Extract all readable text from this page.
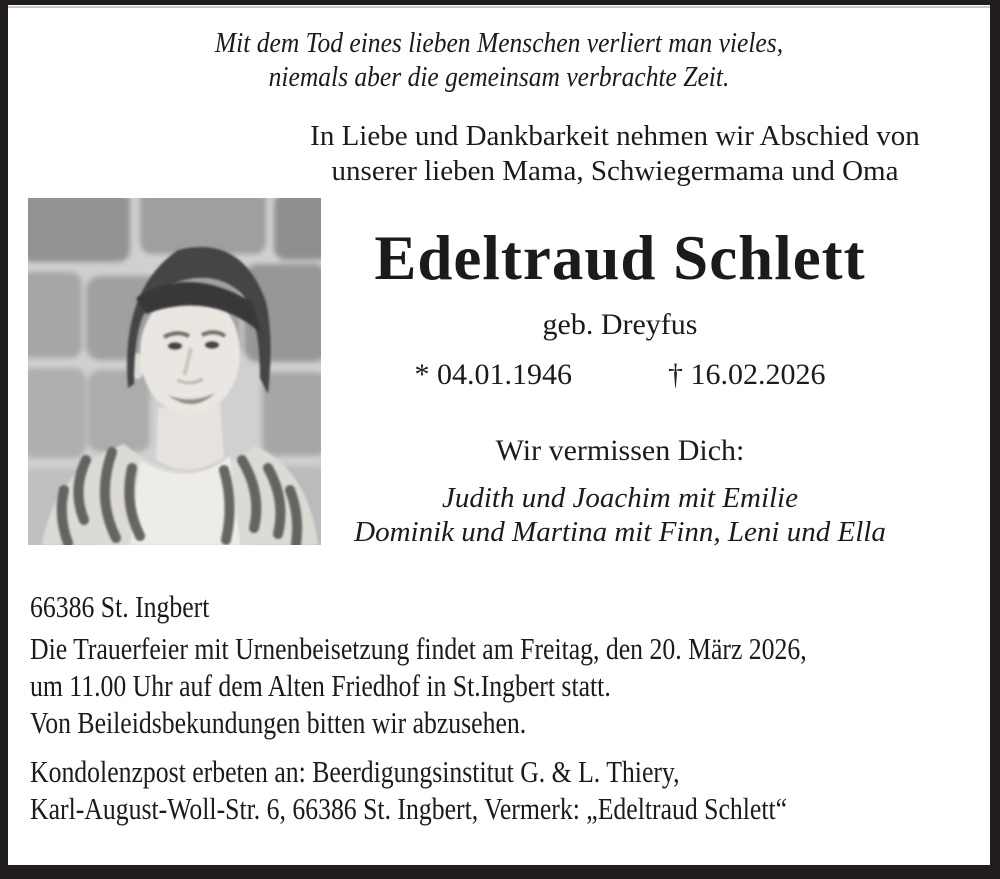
Mit dem Tod eines lieben Menschen verliert man vieles,
niemals aber die gemeinsam verbrachte Zeit.
In Liebe und Dankbarkeit nehmen wir Abschied von
unserer lieben Mama, Schwiegermama und Oma
Edeltraud Schlett
geb. Dreyfus
* 04.01.1946	† 16.02.2026
Wir vermissen Dich:
Judith und Joachim mit Emilie
Dominik und Martina mit Finn, Leni und Ella
66386 St. Ingbert
Die Trauerfeier mit Urnenbeisetzung findet am Freitag, den 20. März 2026,
um 11.00 Uhr auf dem Alten Friedhof in St.Ingbert statt.
Von Beileidsbekundungen bitten wir abzusehen.
Kondolenzpost erbeten an: Beerdigungsinstitut G. & L. Thiery,
Karl-August-Woll-Str. 6, 66386 St. Ingbert, Vermerk: „Edeltraud Schlett“
